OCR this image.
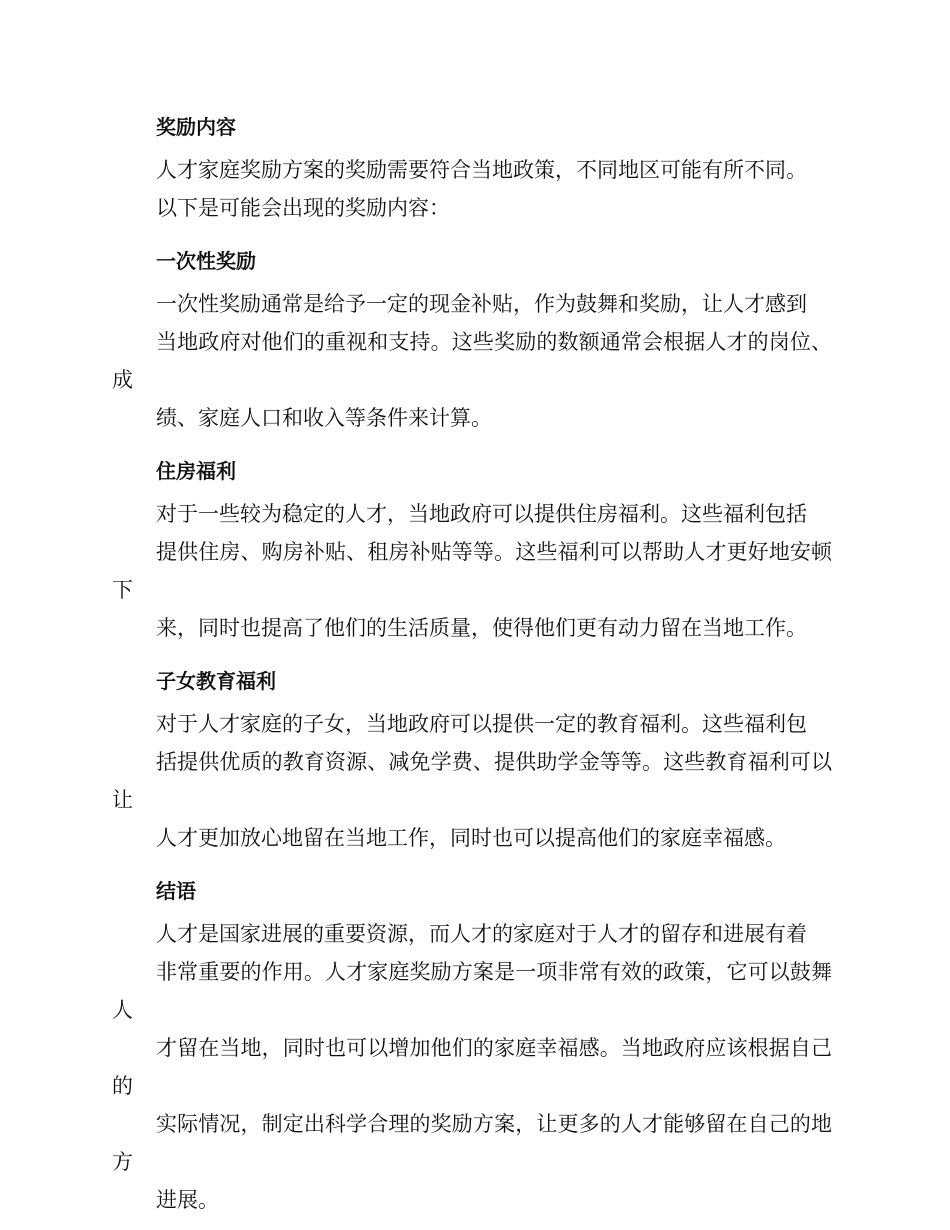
奖励内容

人才家庭奖励方案的奖励需要符合当地政策，不同地区可能有所不同。
以下是可能会出现的奖励内容：

一次性奖励

一次性奖励通常是给予一定的现金补贴，作为鼓舞和奖励，让人才感到
当地政府对他们的重视和支持。这些奖励的数额通常会根据人才的岗位、成
绩、家庭人口和收入等条件来计算。

住房福利

对于一些较为稳定的人才，当地政府可以提供住房福利。这些福利包括
提供住房、购房补贴、租房补贴等等。这些福利可以帮助人才更好地安顿下
来，同时也提高了他们的生活质量，使得他们更有动力留在当地工作。

子女教育福利

对于人才家庭的子女，当地政府可以提供一定的教育福利。这些福利包
括提供优质的教育资源、减免学费、提供助学金等等。这些教育福利可以让
人才更加放心地留在当地工作，同时也可以提高他们的家庭幸福感。

结语

人才是国家进展的重要资源，而人才的家庭对于人才的留存和进展有着
非常重要的作用。人才家庭奖励方案是一项非常有效的政策，它可以鼓舞人
才留在当地，同时也可以增加他们的家庭幸福感。当地政府应该根据自己的
实际情况，制定出科学合理的奖励方案，让更多的人才能够留在自己的地方
进展。
